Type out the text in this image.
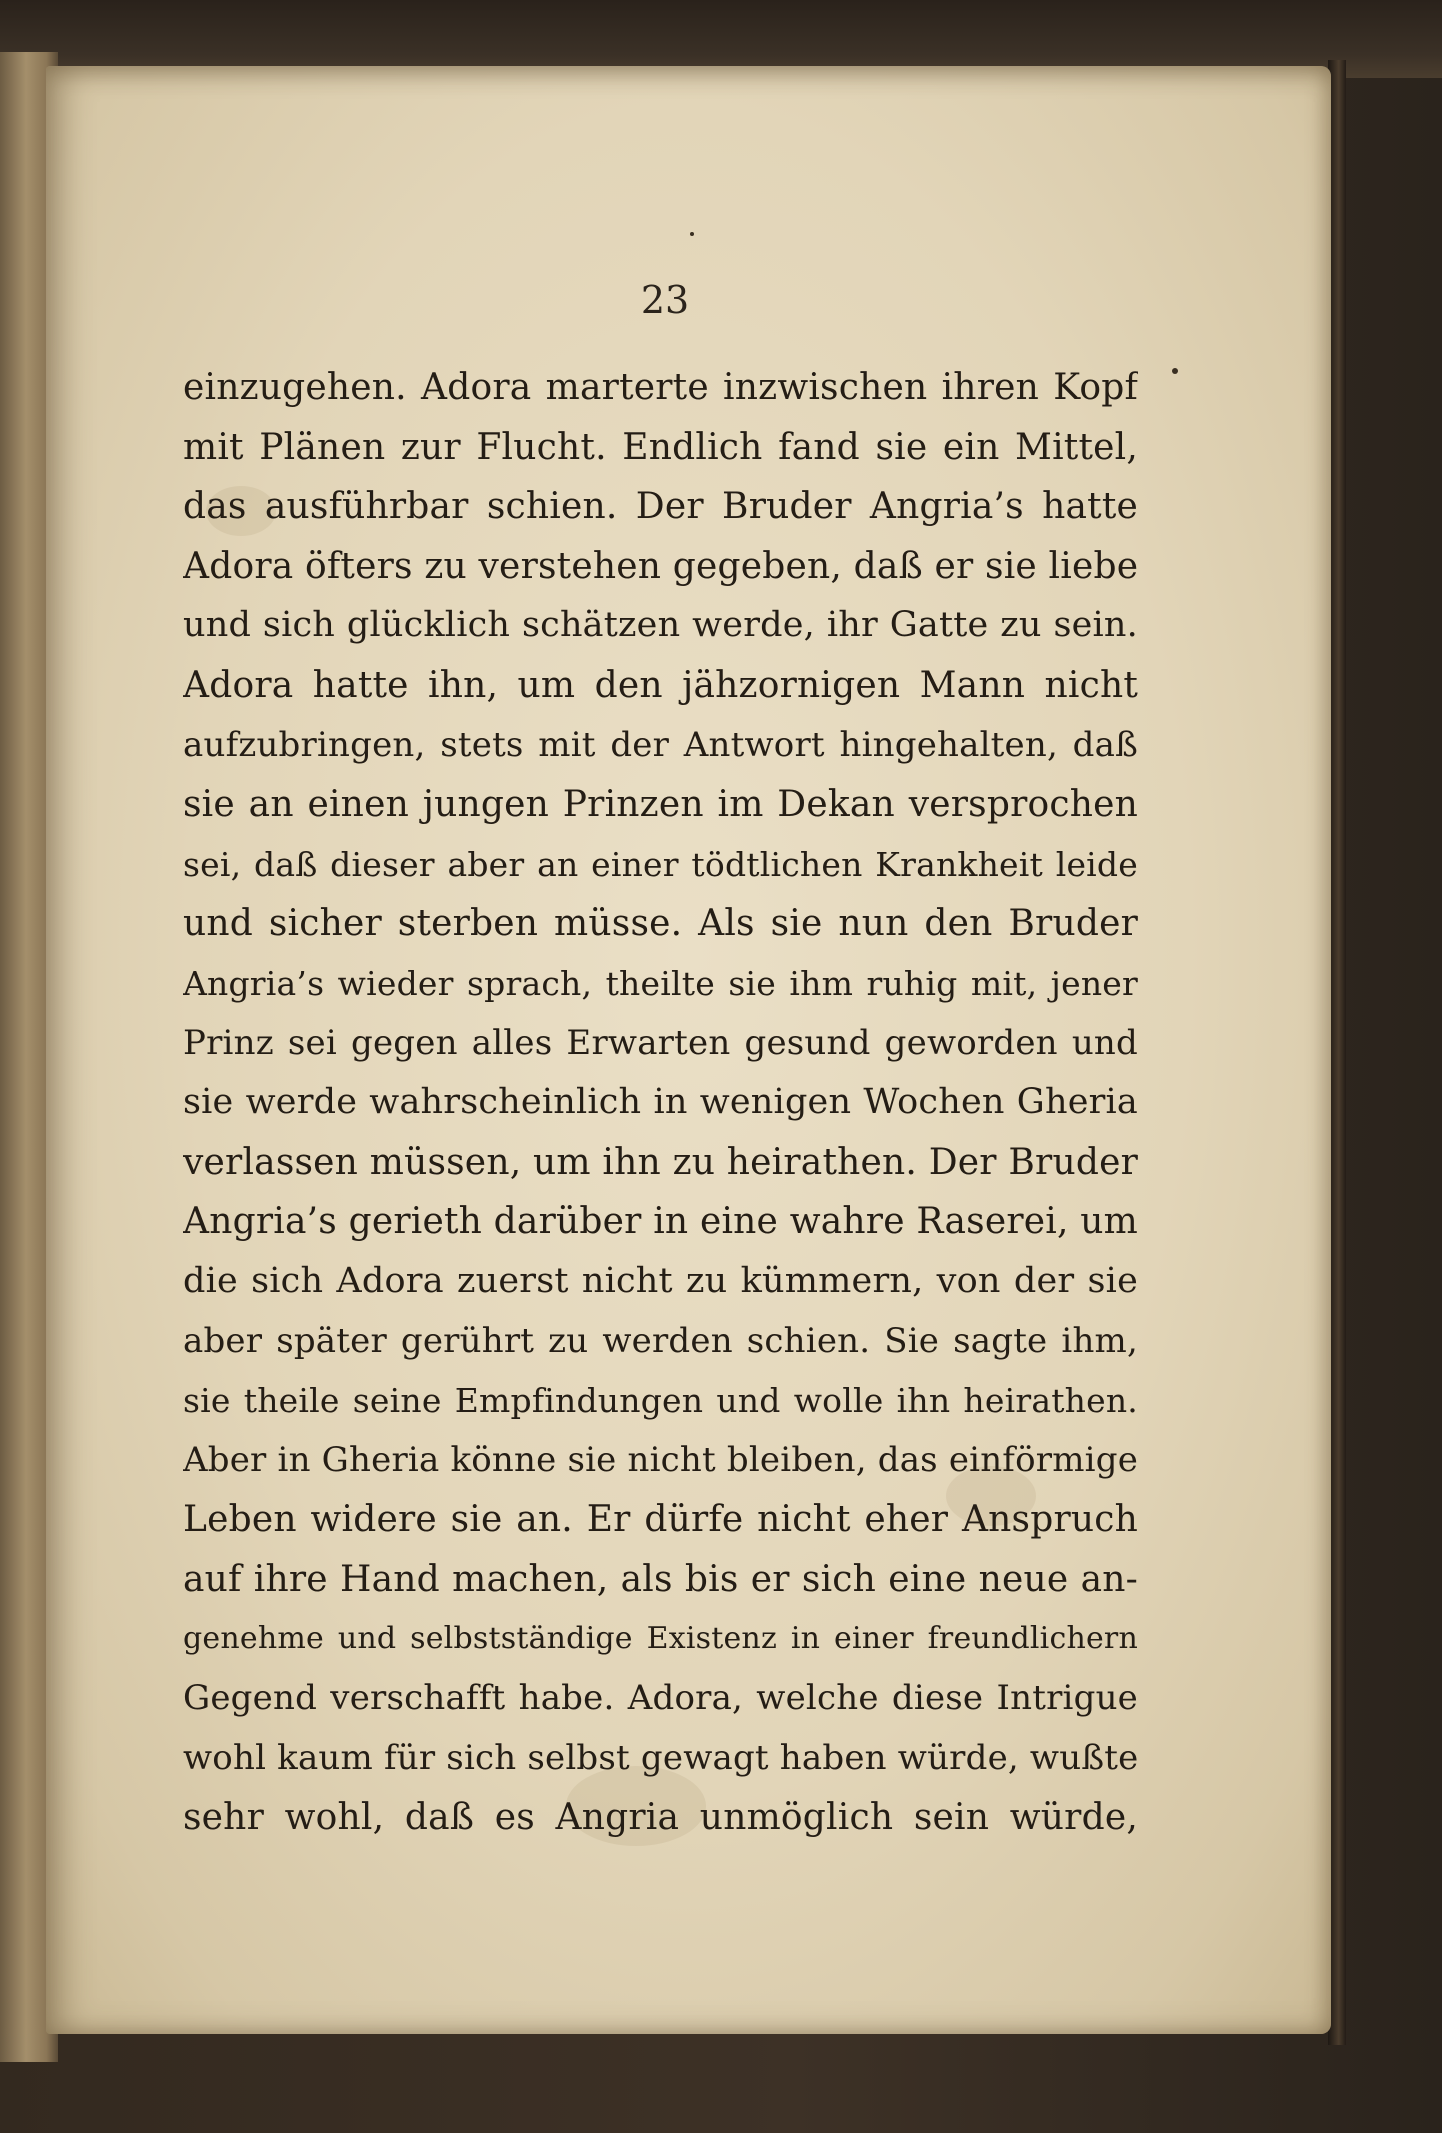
23
einzugehen. Adora marterte inzwischen ihren Kopf
mit Plänen zur Flucht. Endlich fand sie ein Mittel,
das ausführbar schien. Der Bruder Angria’s hatte
Adora öfters zu verstehen gegeben, daß er sie liebe
und sich glücklich schätzen werde, ihr Gatte zu sein.
Adora hatte ihn, um den jähzornigen Mann nicht
aufzubringen, stets mit der Antwort hingehalten, daß
sie an einen jungen Prinzen im Dekan versprochen
sei, daß dieser aber an einer tödtlichen Krankheit leide
und sicher sterben müsse. Als sie nun den Bruder
Angria’s wieder sprach, theilte sie ihm ruhig mit, jener
Prinz sei gegen alles Erwarten gesund geworden und
sie werde wahrscheinlich in wenigen Wochen Gheria
verlassen müssen, um ihn zu heirathen. Der Bruder
Angria’s gerieth darüber in eine wahre Raserei, um
die sich Adora zuerst nicht zu kümmern, von der sie
aber später gerührt zu werden schien. Sie sagte ihm,
sie theile seine Empfindungen und wolle ihn heirathen.
Aber in Gheria könne sie nicht bleiben, das einförmige
Leben widere sie an. Er dürfe nicht eher Anspruch
auf ihre Hand machen, als bis er sich eine neue an-
genehme und selbstständige Existenz in einer freundlichern
Gegend verschafft habe. Adora, welche diese Intrigue
wohl kaum für sich selbst gewagt haben würde, wußte
sehr wohl, daß es Angria unmöglich sein würde,
